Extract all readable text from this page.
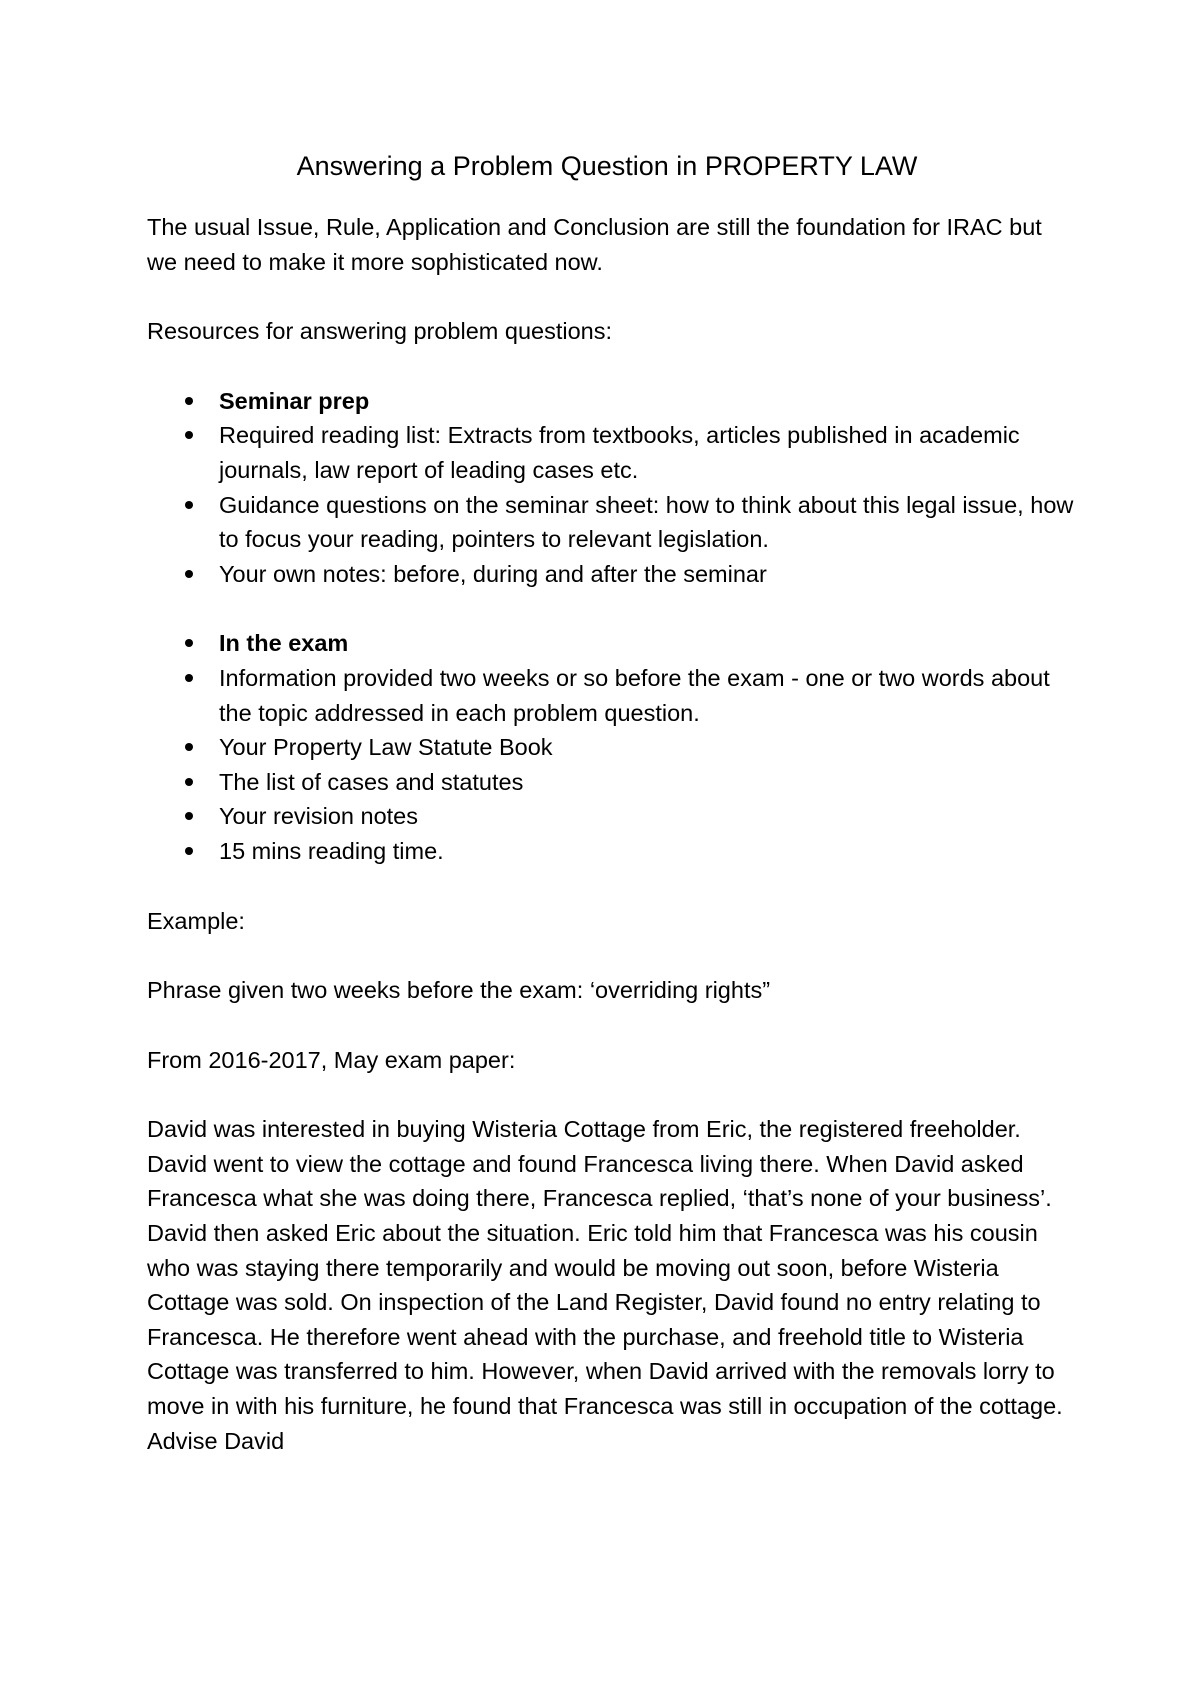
Answering a Problem Question in PROPERTY LAW

The usual Issue, Rule, Application and Conclusion are still the foundation for IRAC but we need to make it more sophisticated now.

Resources for answering problem questions:

Seminar prep
Required reading list: Extracts from textbooks, articles published in academic journals, law report of leading cases etc.
Guidance questions on the seminar sheet: how to think about this legal issue, how to focus your reading, pointers to relevant legislation.
Your own notes: before, during and after the seminar
In the exam
Information provided two weeks or so before the exam - one or two words about the topic addressed in each problem question.
Your Property Law Statute Book
The list of cases and statutes
Your revision notes
15 mins reading time.

Example:

Phrase given two weeks before the exam: ‘overriding rights”

From 2016-2017, May exam paper:

David was interested in buying Wisteria Cottage from Eric, the registered freeholder. David went to view the cottage and found Francesca living there. When David asked Francesca what she was doing there, Francesca replied, ‘that’s none of your business’. David then asked Eric about the situation. Eric told him that Francesca was his cousin who was staying there temporarily and would be moving out soon, before Wisteria Cottage was sold. On inspection of the Land Register, David found no entry relating to Francesca. He therefore went ahead with the purchase, and freehold title to Wisteria Cottage was transferred to him. However, when David arrived with the removals lorry to move in with his furniture, he found that Francesca was still in occupation of the cottage.

Advise David
